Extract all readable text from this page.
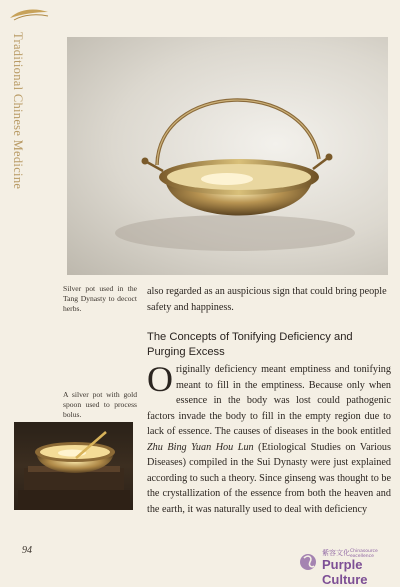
Traditional Chinese Medicine
Silver pot used in the Tang Dynasty to decoct herbs.
also regarded as an auspicious sign that could bring people safety and happiness.
The Concepts of Tonifying Deficiency and Purging Excess
A silver pot with gold spoon used to process bolus.
Originally deficiency meant emptiness and tonifying meant to fill in the emptiness. Because only when essence in the body was lost could pathogenic factors invade the body to fill in the empty region due to lack of essence. The causes of diseases in the book entitled Zhu Bing Yuan Hou Lun (Etiological Studies on Various Diseases) compiled in the Sui Dynasty were just explained according to such a theory. Since ginseng was thought to be the crystallization of the essence from both the heaven and the earth, it was naturally used to deal with deficiency
94	紫容文化 Chinasource excellence
Purple Culture
